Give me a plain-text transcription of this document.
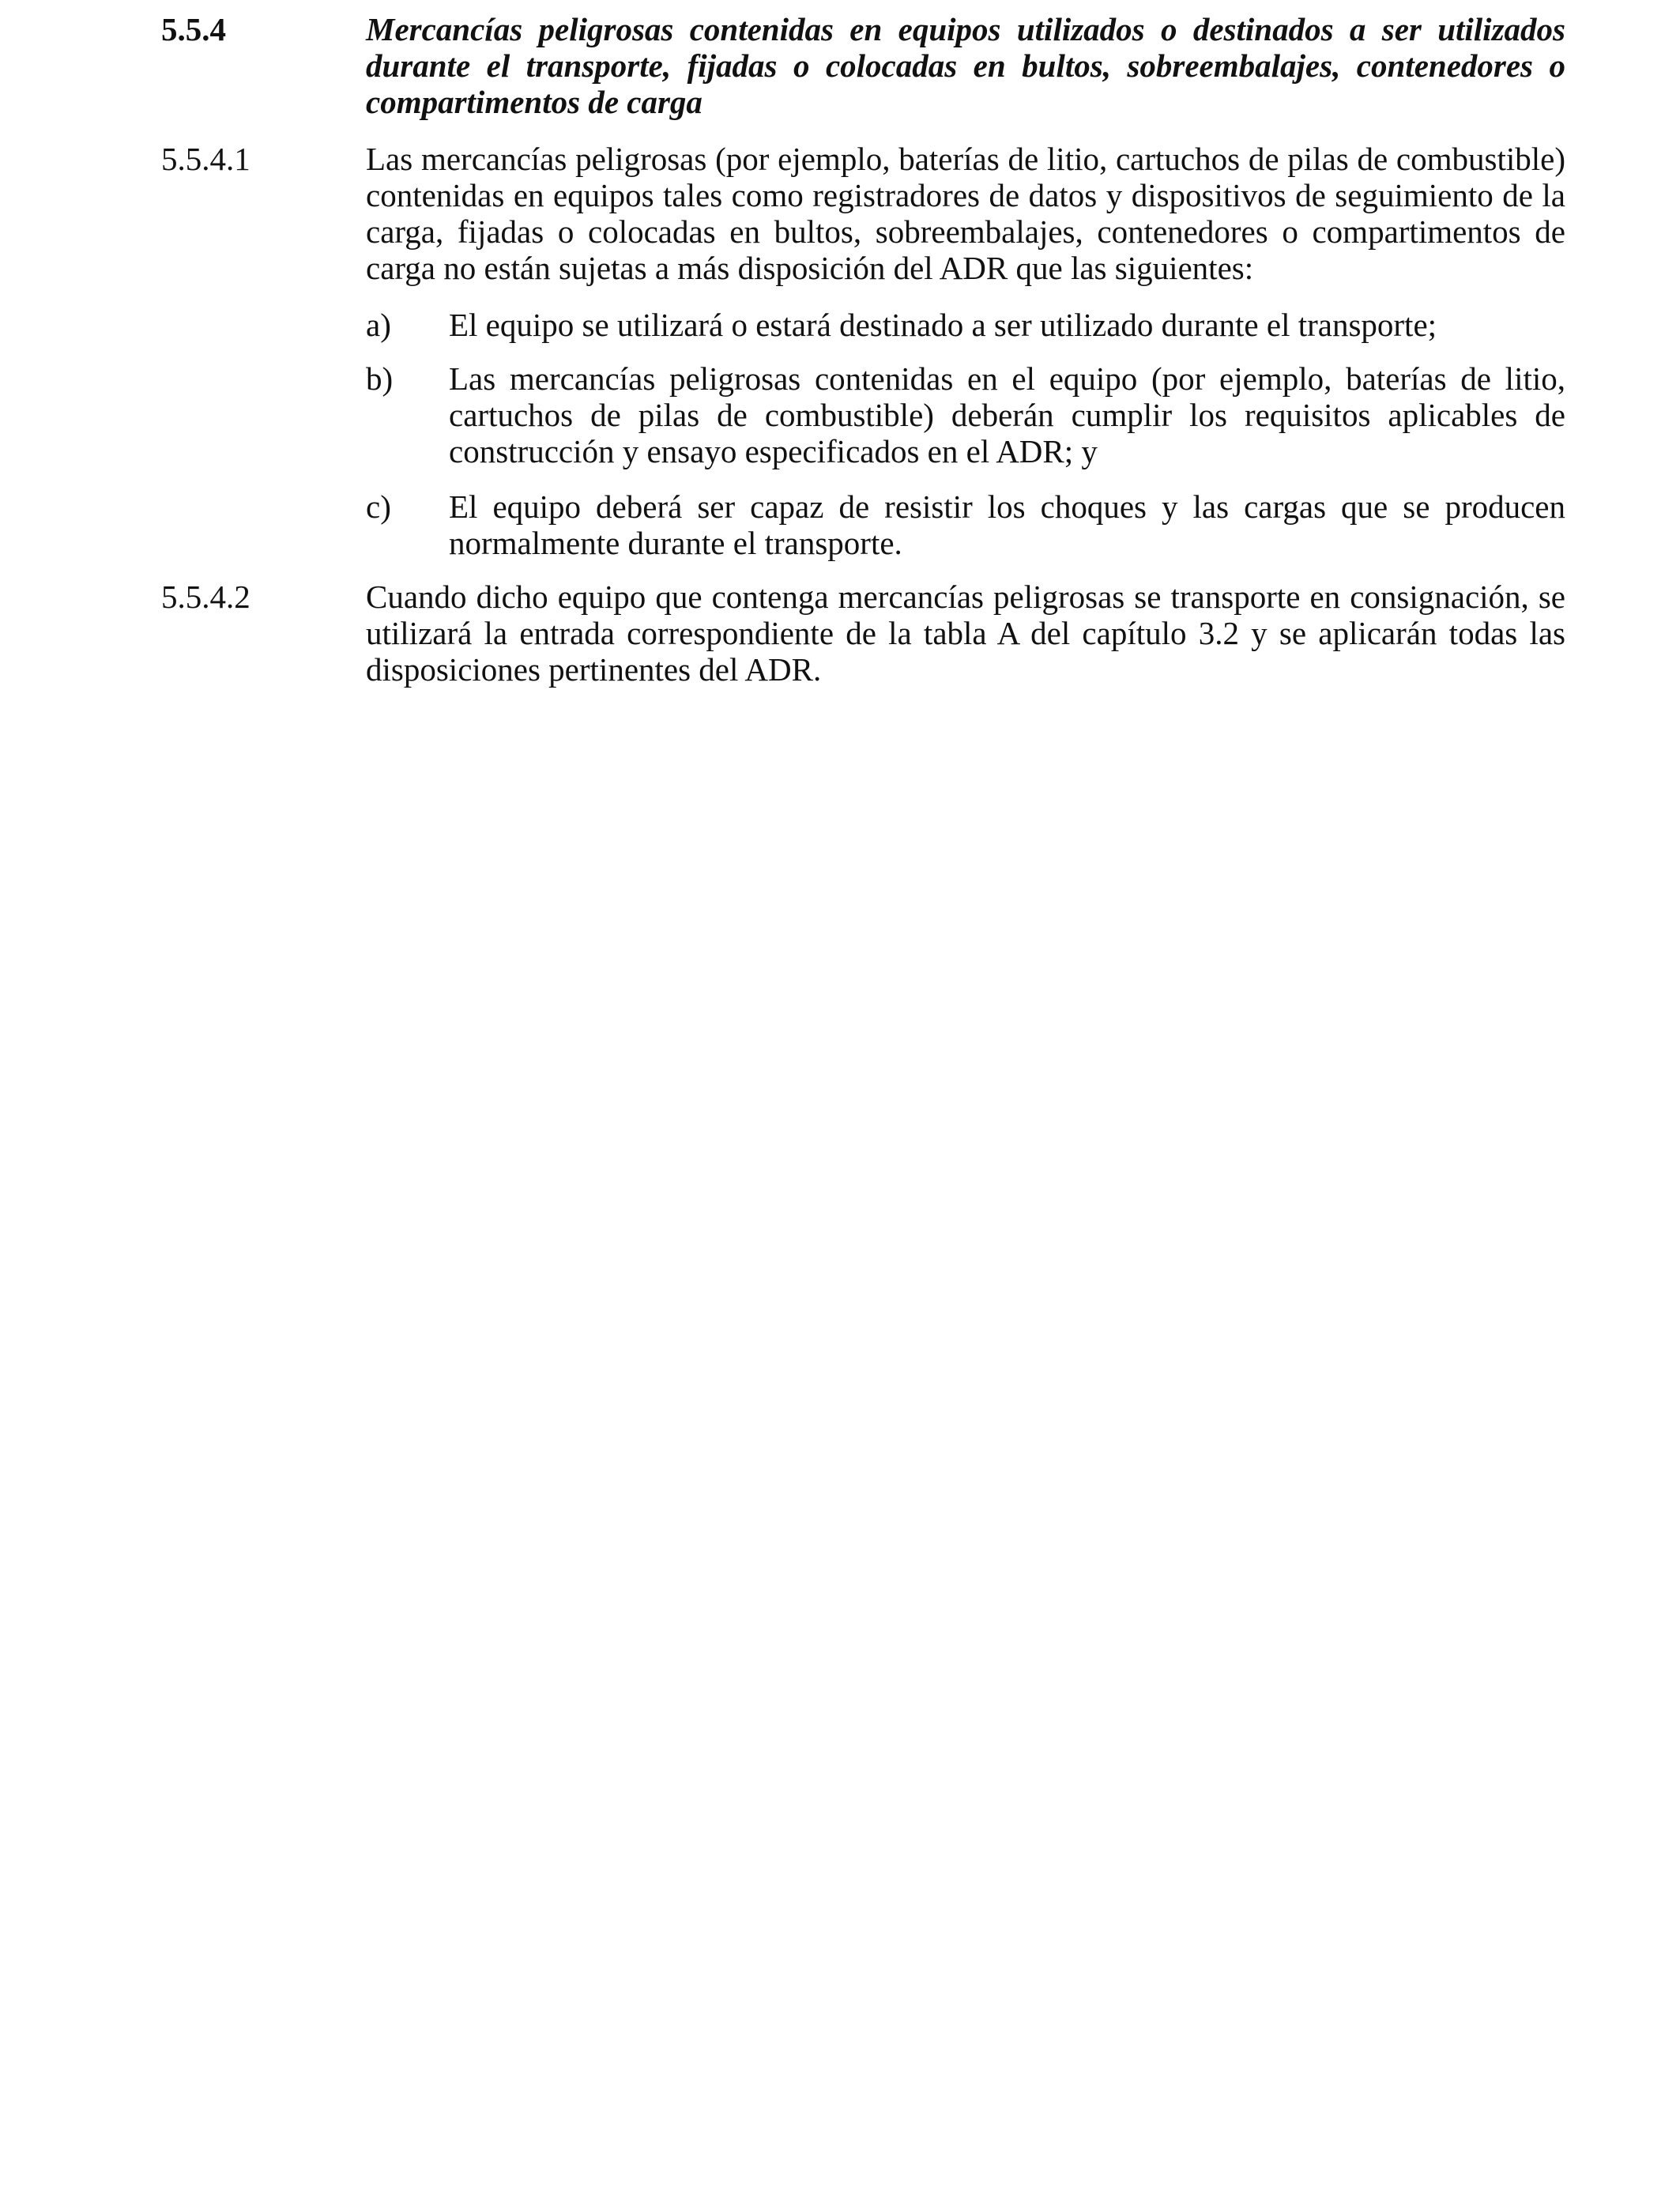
5.5.4	Mercancías peligrosas contenidas en equipos utilizados o destinados a ser utilizados durante el transporte, fijadas o colocadas en bultos, sobreembalajes, contenedores o compartimentos de carga
5.5.4.1	Las mercancías peligrosas (por ejemplo, baterías de litio, cartuchos de pilas de combustible) contenidas en equipos tales como registradores de datos y dispositivos de seguimiento de la carga, fijadas o colocadas en bultos, sobreembalajes, contenedores o compartimentos de carga no están sujetas a más disposición del ADR que las siguientes:
a) El equipo se utilizará o estará destinado a ser utilizado durante el transporte;
b) Las mercancías peligrosas contenidas en el equipo (por ejemplo, baterías de litio, cartuchos de pilas de combustible) deberán cumplir los requisitos aplicables de construcción y ensayo especificados en el ADR; y
c) El equipo deberá ser capaz de resistir los choques y las cargas que se producen normalmente durante el transporte.
5.5.4.2	Cuando dicho equipo que contenga mercancías peligrosas se transporte en consignación, se utilizará la entrada correspondiente de la tabla A del capítulo 3.2 y se aplicarán todas las disposiciones pertinentes del ADR.
